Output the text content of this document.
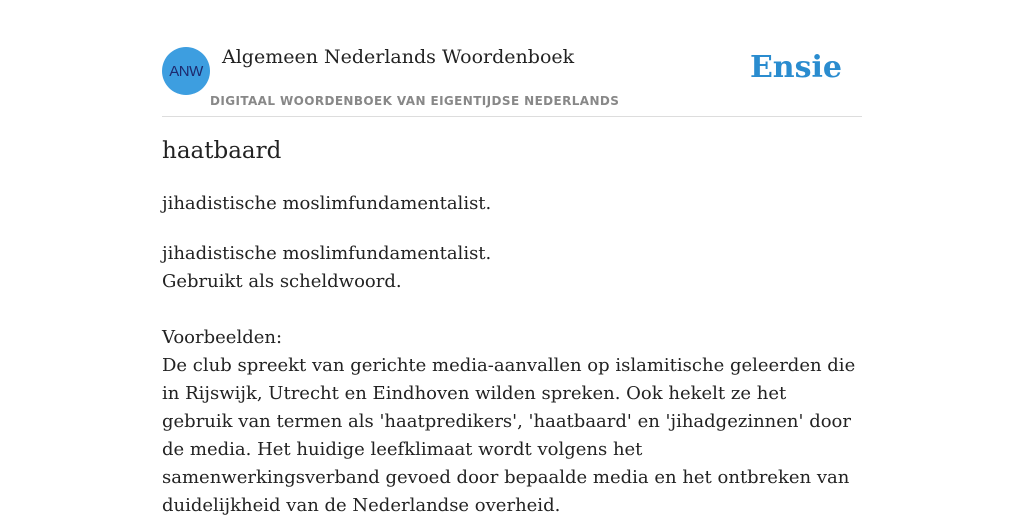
ANW
Algemeen Nederlands Woordenboek
DIGITAAL WOORDENBOEK VAN EIGENTIJDSE NEDERLANDS
Ensie
haatbaard
jihadistische moslimfundamentalist.

jihadistische moslimfundamentalist.

Gebruikt als scheldwoord.

Voorbeelden:

De club spreekt van gerichte media-aanvallen op islamitische geleerden die in Rijswijk, Utrecht en Eindhoven wilden spreken. Ook hekelt ze het gebruik van termen als 'haatpredikers', 'haatbaard' en 'jihadgezinnen' door de media. Het huidige leefklimaat wordt volgens het samenwerkingsverband gevoed door bepaalde media en het ontbreken van duidelijkheid van de Nederlandse overheid.
